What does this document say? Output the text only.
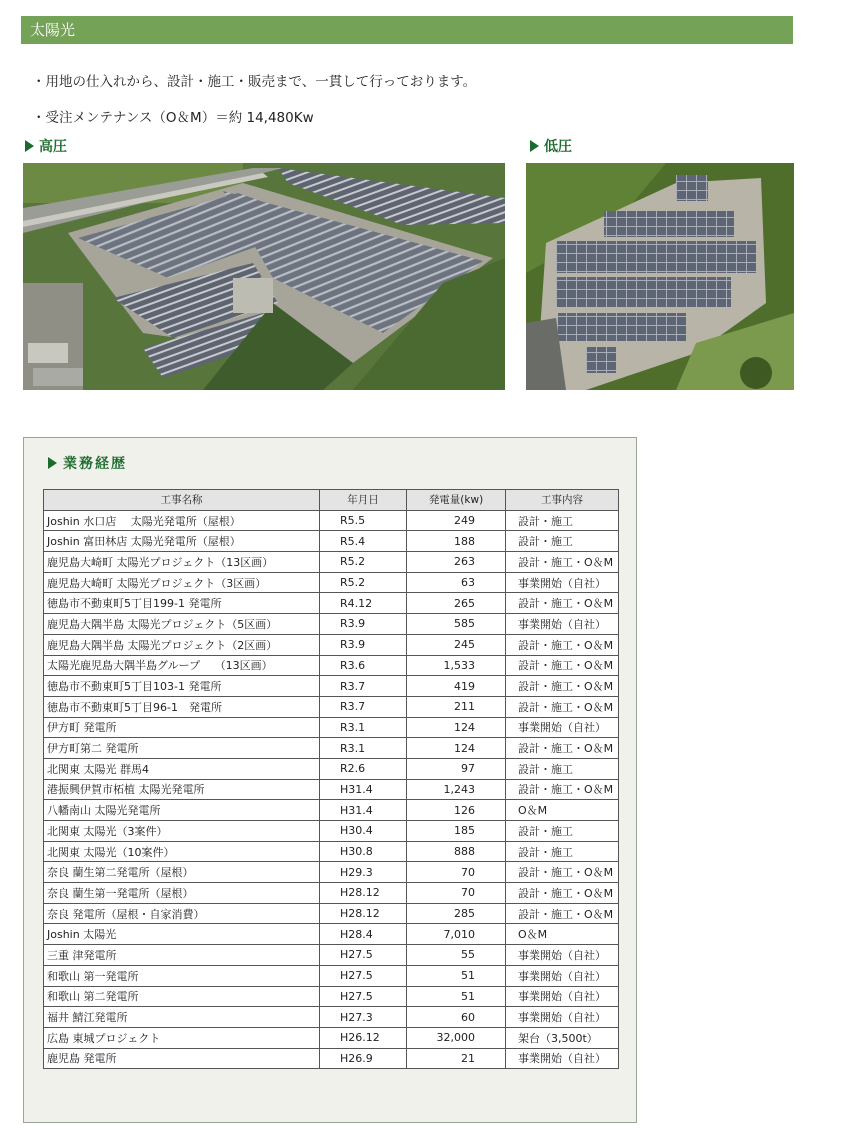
太陽光
・用地の仕入れから、設計・施工・販売まで、一貫して行っております。
・受注メンテナンス（O＆M）＝約 14,480Kw
高圧	低圧
業務経歴
工事名称	年月日	発電量(kw)	工事内容
Joshin 水口店　 太陽光発電所（屋根）	R5.5	249	設計・施工
Joshin 富田林店 太陽光発電所（屋根）	R5.4	188	設計・施工
鹿児島大崎町 太陽光プロジェクト（13区画）	R5.2	263	設計・施工・O＆M
鹿児島大崎町 太陽光プロジェクト（3区画）	R5.2	63	事業開始（自社）
徳島市不動東町5丁目199-1 発電所	R4.12	265	設計・施工・O＆M
鹿児島大隅半島 太陽光プロジェクト（5区画）	R3.9	585	事業開始（自社）
鹿児島大隅半島 太陽光プロジェクト（2区画）	R3.9	245	設計・施工・O＆M
太陽光鹿児島大隅半島グループ　 （13区画）	R3.6	1,533	設計・施工・O＆M
徳島市不動東町5丁目103-1 発電所	R3.7	419	設計・施工・O＆M
徳島市不動東町5丁目96-1　発電所	R3.7	211	設計・施工・O＆M
伊方町 発電所	R3.1	124	事業開始（自社）
伊方町第二 発電所	R3.1	124	設計・施工・O＆M
北関東 太陽光 群馬4	R2.6	97	設計・施工
港振興伊賀市柘植 太陽光発電所	H31.4	1,243	設計・施工・O＆M
八幡南山 太陽光発電所	H31.4	126	O＆M
北関東 太陽光（3案件）	H30.4	185	設計・施工
北関東 太陽光（10案件）	H30.8	888	設計・施工
奈良 蘭生第二発電所（屋根）	H29.3	70	設計・施工・O＆M
奈良 蘭生第一発電所（屋根）	H28.12	70	設計・施工・O＆M
奈良 発電所（屋根・自家消費）	H28.12	285	設計・施工・O＆M
Joshin 太陽光	H28.4	7,010	O＆M
三重 津発電所	H27.5	55	事業開始（自社）
和歌山 第一発電所	H27.5	51	事業開始（自社）
和歌山 第二発電所	H27.5	51	事業開始（自社）
福井 鯖江発電所	H27.3	60	事業開始（自社）
広島 東城プロジェクト	H26.12	32,000	架台（3,500t）
鹿児島 発電所	H26.9	21	事業開始（自社）
